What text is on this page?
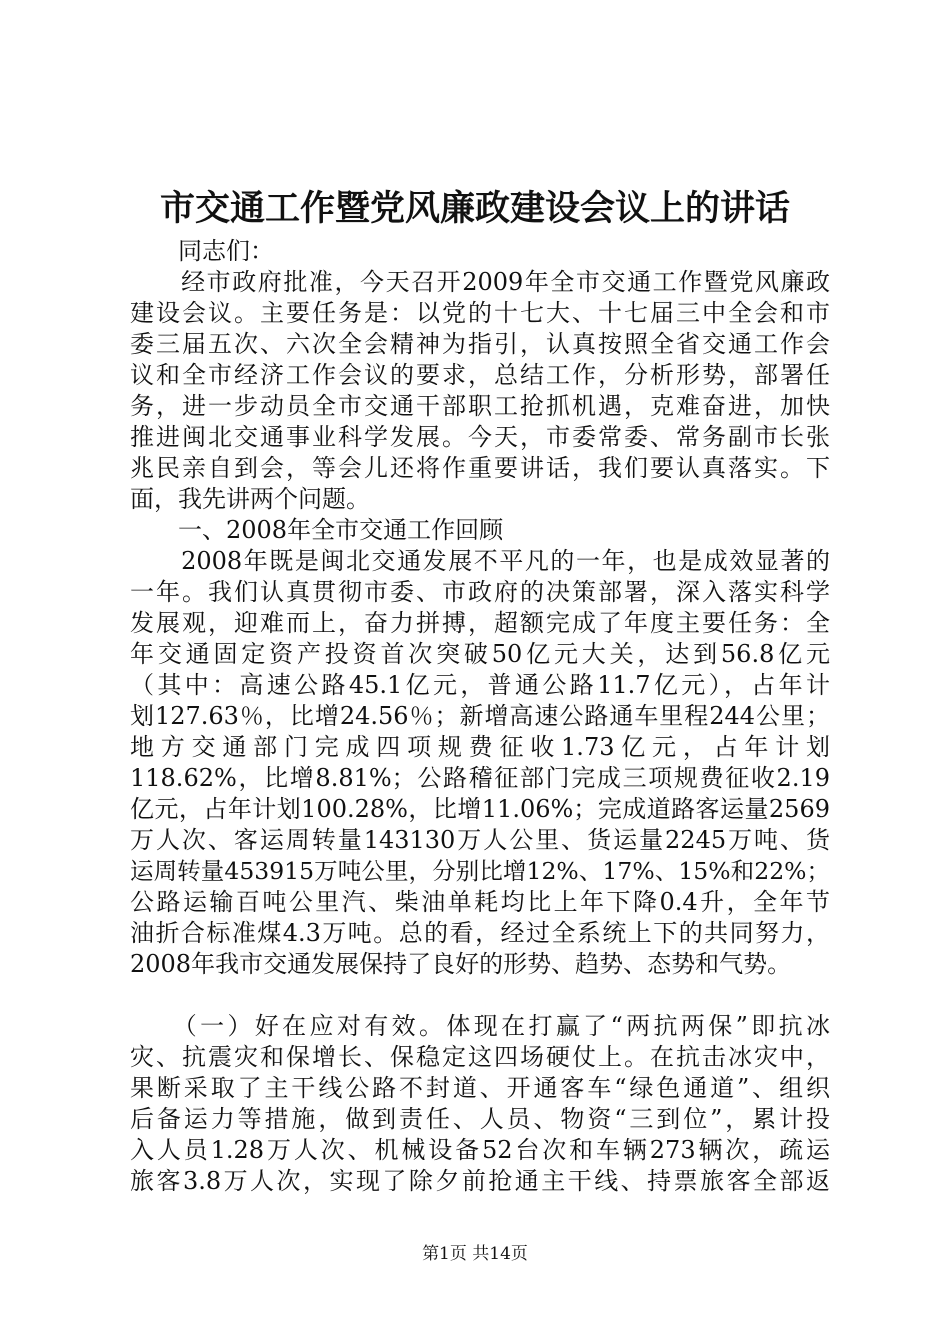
市交通工作暨党风廉政建设会议上的讲话
　　同志们：
　　经市政府批准，今天召开2009年全市交通工作暨党风廉政
建设会议。主要任务是：以党的十七大、十七届三中全会和市
委三届五次、六次全会精神为指引，认真按照全省交通工作会
议和全市经济工作会议的要求，总结工作，分析形势，部署任
务，进一步动员全市交通干部职工抢抓机遇，克难奋进，加快
推进闽北交通事业科学发展。今天，市委常委、常务副市长张
兆民亲自到会，等会儿还将作重要讲话，我们要认真落实。下
面，我先讲两个问题。
　　一、2008年全市交通工作回顾
　　2008年既是闽北交通发展不平凡的一年，也是成效显著的
一年。我们认真贯彻市委、市政府的决策部署，深入落实科学
发展观，迎难而上，奋力拼搏，超额完成了年度主要任务：全
年交通固定资产投资首次突破50亿元大关，达到56.8亿元
（其中：高速公路45.1亿元，普通公路11.7亿元），占年计
划127.63％，比增24.56％；新增高速公路通车里程244公里；
地方交通部门完成四项规费征收1.73亿元，占年计划
118.62%，比增8.81%；公路稽征部门完成三项规费征收2.19
亿元，占年计划100.28%，比增11.06%；完成道路客运量2569
万人次、客运周转量143130万人公里、货运量2245万吨、货
运周转量453915万吨公里，分别比增12%、17%、15%和22%；
公路运输百吨公里汽、柴油单耗均比上年下降0.4升，全年节
油折合标准煤4.3万吨。总的看，经过全系统上下的共同努力，
2008年我市交通发展保持了良好的形势、趋势、态势和气势。
　　（一）好在应对有效。体现在打赢了“两抗两保”即抗冰
灾、抗震灾和保增长、保稳定这四场硬仗上。在抗击冰灾中，
果断采取了主干线公路不封道、开通客车“绿色通道”、组织
后备运力等措施，做到责任、人员、物资“三到位”，累计投
入人员1.28万人次、机械设备52台次和车辆273辆次，疏运
旅客3.8万人次，实现了除夕前抢通主干线、持票旅客全部返
第1页 共14页
